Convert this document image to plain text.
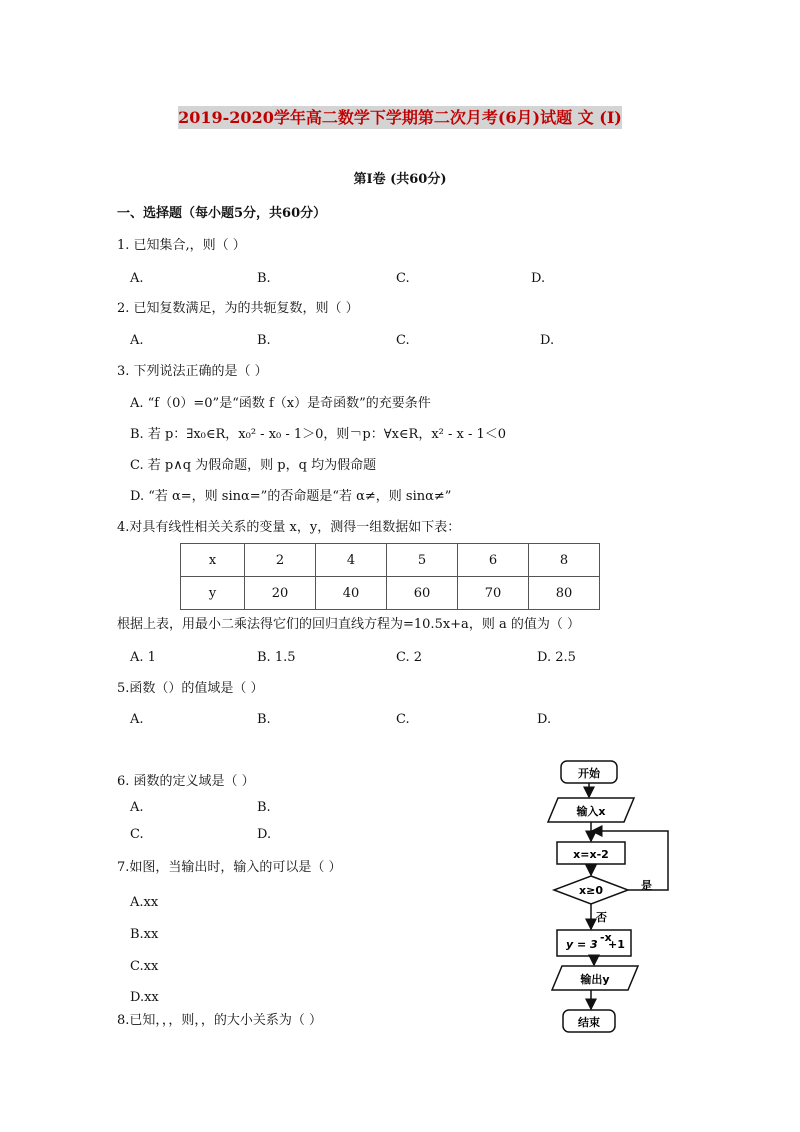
2019-2020学年高二数学下学期第二次月考(6月)试题 文 (I)
第Ⅰ卷 (共60分)
一、选择题（每小题5分，共60分）
1. 已知集合,，则（ ）
A.	B.	C.	D.
2. 已知复数满足，为的共轭复数，则（ ）
A.	B.	C.	D.
3. 下列说法正确的是（ ）
A. “f（0）=0”是“函数 f（x）是奇函数”的充要条件
B. 若 p：∃x₀∈R，x₀² - x₀ - 1＞0，则￢p：∀x∈R，x² - x - 1＜0
C. 若 p∧q 为假命题，则 p，q 均为假命题
D. “若 α=，则 sinα=”的否命题是“若 α≠，则 sinα≠”
4.对具有线性相关关系的变量 x，y，测得一组数据如下表：
x	2	4	5	6	8
y	20	40	60	70	80
根据上表，用最小二乘法得它们的回归直线方程为=10.5x+a，则 a 的值为（ ）
A. 1	B. 1.5	C. 2	D. 2.5
5.函数（）的值域是（ ）
A.	B.	C.	D.
6. 函数的定义域是（ ）
A.	B.
C.	D.
7.如图，当输出时，输入的可以是（ ）
A.xx
B.xx
C.xx
D.xx
8.已知，，，则，，的大小关系为（ ）
开始
输入x
x=x-2
x≥0	是
否
y = 3
-x
+1
输出y
结束
